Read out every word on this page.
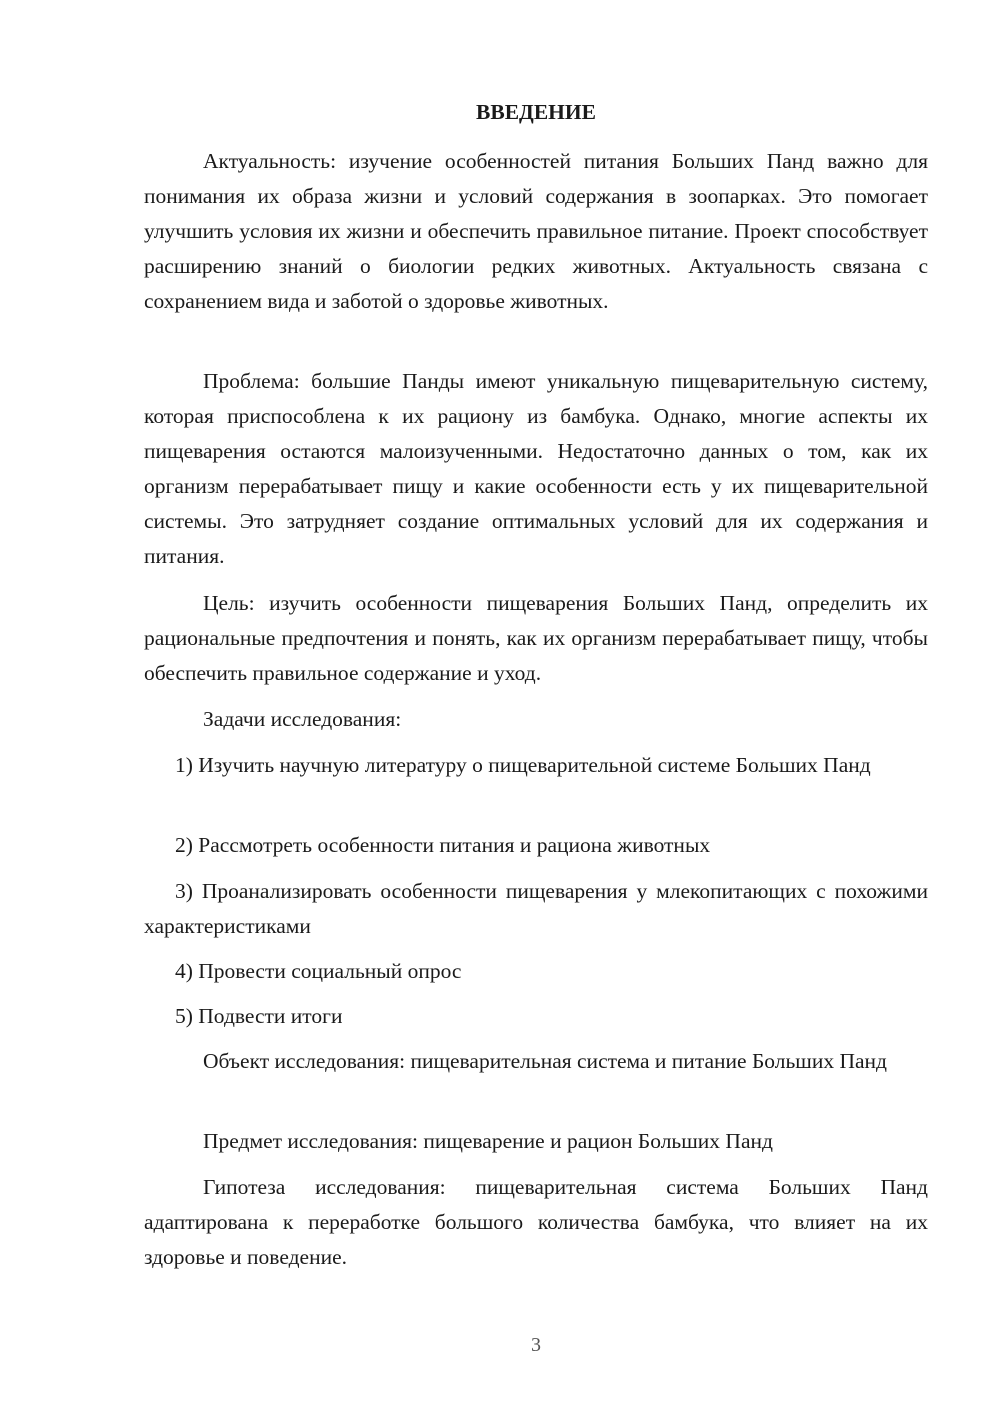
ВВЕДЕНИЕ

Актуальность: изучение особенностей питания Больших Панд важно для понимания их образа жизни и условий содержания в зоопарках. Это помогает улучшить условия их жизни и обеспечить правильное питание. Проект способствует расширению знаний о биологии редких животных. Актуальность связана с сохранением вида и заботой о здоровье животных.

Проблема: большие Панды имеют уникальную пищеварительную систему, которая приспособлена к их рациону из бамбука. Однако, многие аспекты их пищеварения остаются малоизученными. Недостаточно данных о том, как их организм перерабатывает пищу и какие особенности есть у их пищеварительной системы. Это затрудняет создание оптимальных условий для их содержания и питания.

Цель: изучить особенности пищеварения Больших Панд, определить их рациональные предпочтения и понять, как их организм перерабатывает пищу, чтобы обеспечить правильное содержание и уход.

Задачи исследования:

1) Изучить научную литературу о пищеварительной системе Больших Панд

2) Рассмотреть особенности питания и рациона животных

3) Проанализировать особенности пищеварения у млекопитающих с похожими характеристиками

4) Провести социальный опрос

5) Подвести итоги

Объект исследования: пищеварительная система и питание Больших Панд

Предмет исследования: пищеварение и рацион Больших Панд

Гипотеза исследования: пищеварительная система Больших Панд адаптирована к переработке большого количества бамбука, что влияет на их здоровье и поведение.

3
